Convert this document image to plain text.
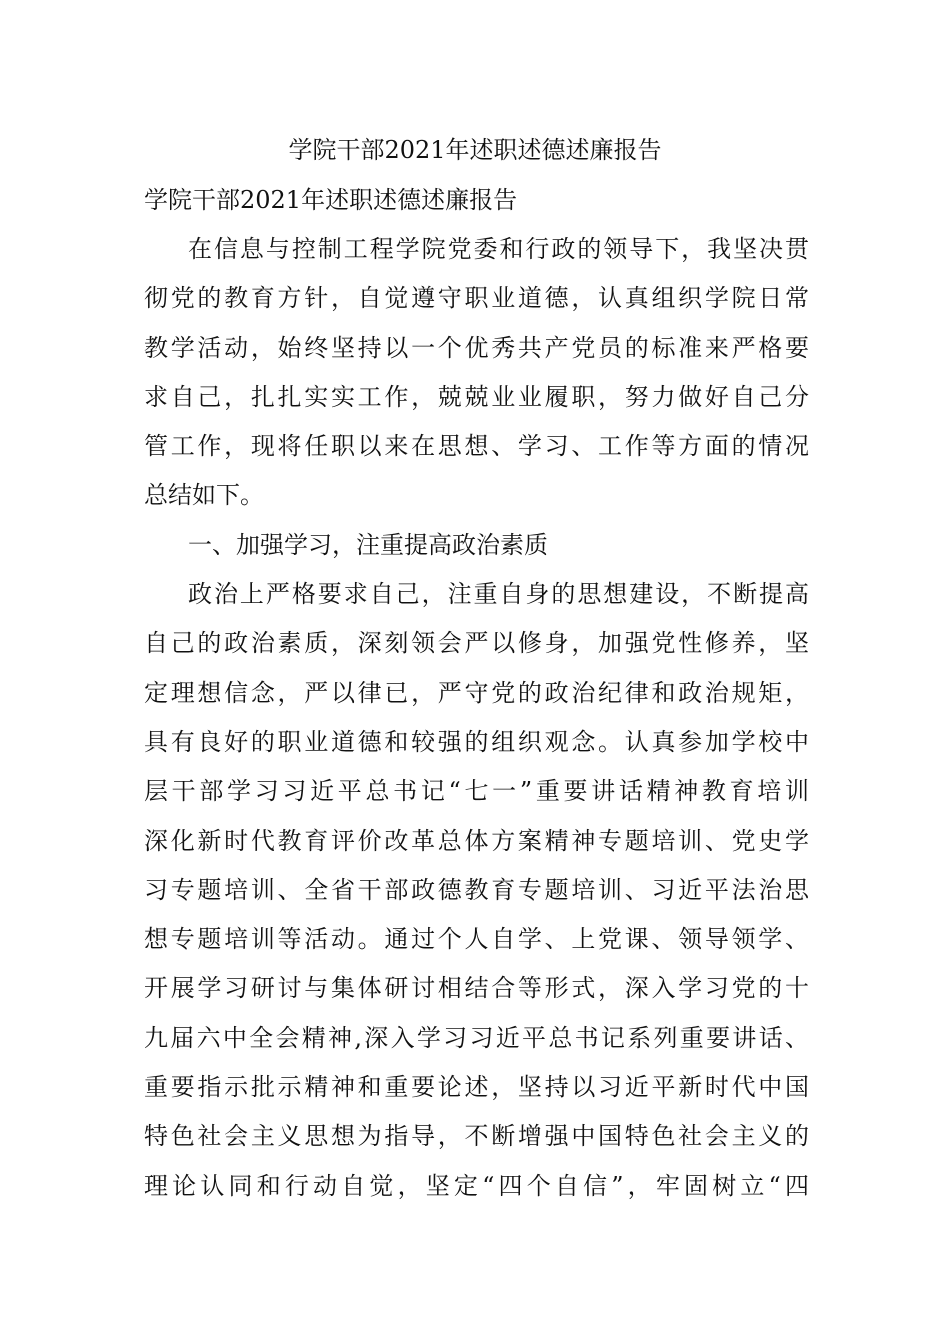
学院干部2021年述职述德述廉报告
学院干部2021年述职述德述廉报告
在信息与控制工程学院党委和行政的领导下，我坚决贯
彻党的教育方针，自觉遵守职业道德，认真组织学院日常
教学活动，始终坚持以一个优秀共产党员的标准来严格要
求自己，扎扎实实工作，兢兢业业履职，努力做好自己分
管工作，现将任职以来在思想、学习、工作等方面的情况
总结如下。
一、加强学习，注重提高政治素质
政治上严格要求自己，注重自身的思想建设，不断提高
自己的政治素质，深刻领会严以修身，加强党性修养，坚
定理想信念，严以律已，严守党的政治纪律和政治规矩，
具有良好的职业道德和较强的组织观念。认真参加学校中
层干部学习习近平总书记“七一”重要讲话精神教育培训
深化新时代教育评价改革总体方案精神专题培训、党史学
习专题培训、全省干部政德教育专题培训、习近平法治思
想专题培训等活动。通过个人自学、上党课、领导领学、
开展学习研讨与集体研讨相结合等形式，深入学习党的十
九届六中全会精神,深入学习习近平总书记系列重要讲话、
重要指示批示精神和重要论述，坚持以习近平新时代中国
特色社会主义思想为指导，不断增强中国特色社会主义的
理论认同和行动自觉，坚定“四个自信”，牢固树立“四
